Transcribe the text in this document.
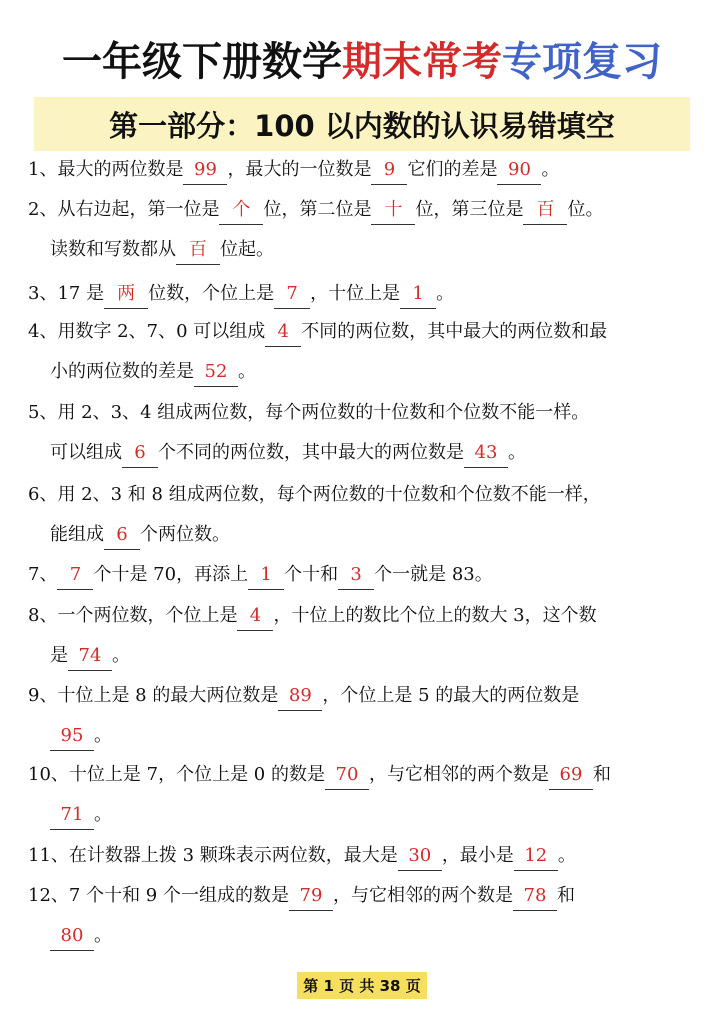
一年级下册数学期末常考专项复习
第一部分：100 以内数的认识易错填空
1、最大的两位数是 99 ，最大的一位数是 9 它们的差是 90 。
2、从右边起，第一位是 个 位，第二位是 十 位，第三位是 百 位。
读数和写数都从 百 位起。
3、17 是 两 位数，个位上是 7 ，十位上是 1 。
4、用数字 2、7、0 可以组成 4 不同的两位数，其中最大的两位数和最
小的两位数的差是 52 。
5、用 2、3、4 组成两位数，每个两位数的十位数和个位数不能一样。
可以组成 6 个不同的两位数，其中最大的两位数是 43 。
6、用 2、3 和 8 组成两位数，每个两位数的十位数和个位数不能一样，
能组成 6 个两位数。
7、 7 个十是 70，再添上 1 个十和 3 个一就是 83。
8、一个两位数，个位上是 4 ，十位上的数比个位上的数大 3，这个数
是 74 。
9、十位上是 8 的最大两位数是 89 ，个位上是 5 的最大的两位数是
95 。
10、十位上是 7，个位上是 0 的数是 70 ，与它相邻的两个数是 69 和
71 。
11、在计数器上拨 3 颗珠表示两位数，最大是 30 ，最小是 12 。
12、7 个十和 9 个一组成的数是 79 ，与它相邻的两个数是 78 和
80 。
第 1 页 共 38 页
